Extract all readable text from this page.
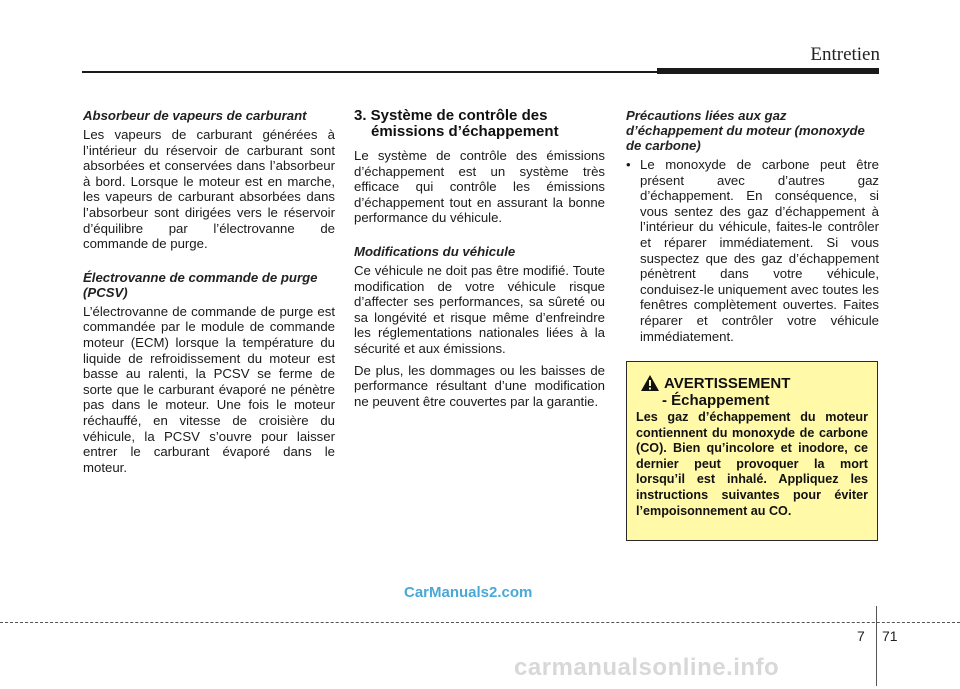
Entretien
Absorbeur de vapeurs de carburant
Les vapeurs de carburant générées à l’intérieur du réservoir de carburant sont absorbées et conservées dans l’absorbeur à bord. Lorsque le moteur est en marche, les vapeurs de carburant absorbées dans l’absorbeur sont dirigées vers le réservoir d’équilibre par l’électrovanne de commande de purge.
Électrovanne de commande de purge (PCSV)
L’électrovanne de commande de purge est commandée par le module de commande moteur (ECM) lorsque la température du liquide de refroidissement du moteur est basse au ralenti, la PCSV se ferme de sorte que le carburant évaporé ne pénètre pas dans le moteur. Une fois le moteur réchauffé, en vitesse de croisière du véhicule, la PCSV s’ouvre pour laisser entrer le carburant évaporé dans le moteur.
3. Système de contrôle des émissions d’échappement
Le système de contrôle des émissions d’échappement est un système très efficace qui contrôle les émissions d’échappement tout en assurant la bonne performance du véhicule.
Modifications du véhicule
Ce véhicule ne doit pas être modifié. Toute modification de votre véhicule risque d’affecter ses performances, sa sûreté ou sa longévité et risque même d’enfreindre les réglementations nationales liées à la sécurité et aux émissions.
De plus, les dommages ou les baisses de performance résultant d’une modification ne peuvent être couvertes par la garantie.
Précautions liées aux gaz d’échappement du moteur (monoxyde de carbone)
• Le monoxyde de carbone peut être présent avec d’autres gaz d’échappement. En conséquence, si vous sentez des gaz d’échappement à l’intérieur du véhicule, faites-le contrôler et réparer immédiatement. Si vous suspectez que des gaz d’échappement pénètrent dans votre véhicule, conduisez-le uniquement avec toutes les fenêtres complètement ouvertes. Faites réparer et contrôler votre véhicule immédiatement.
AVERTISSEMENT
- Échappement
Les gaz d’échappement du moteur contiennent du monoxyde de carbone (CO). Bien qu’incolore et inodore, ce dernier peut provoquer la mort lorsqu’il est inhalé. Appliquez les instructions suivantes pour éviter l’empoisonnement au CO.
CarManuals2.com
7 71
carmanualsonline.info
